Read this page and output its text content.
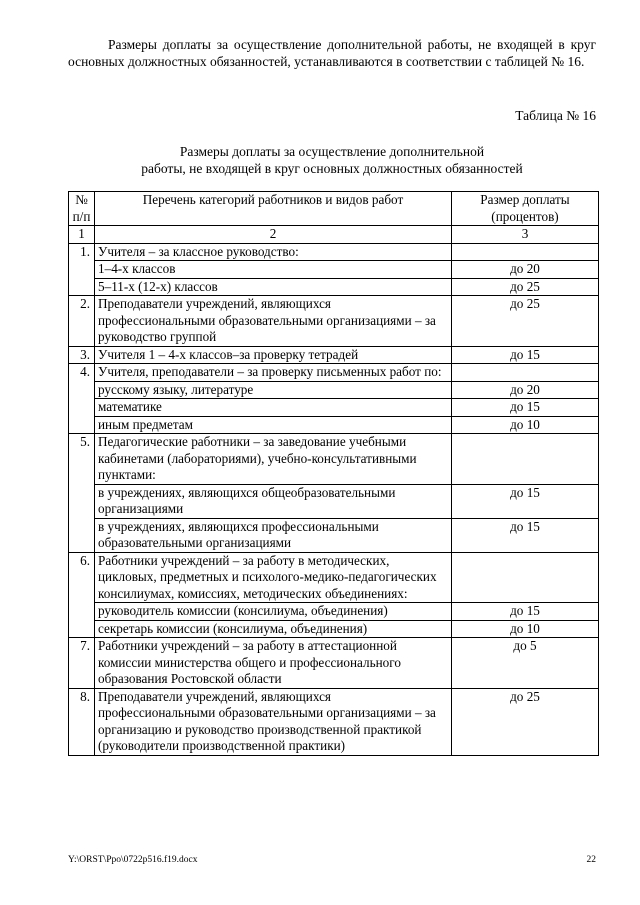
Размеры доплаты за осуществление дополнительной работы, не входящей в круг основных должностных обязанностей, устанавливаются в соответствии с таблицей № 16.

Таблица № 16
Размеры доплаты за осуществление дополнительной
работы, не входящей в круг основных должностных обязанностей
№ п/п	Перечень категорий работников и видов работ	Размер доплаты (процентов)
1	2	3
1.	Учителя – за классное руководство:	
	1–4-х классов	до 20
	5–11-х (12-х) классов	до 25
2.	Преподаватели учреждений, являющихся профессиональными образовательными организациями – за руководство группой	до 25
3.	Учителя 1 – 4-х классов–за проверку тетрадей	до 15
4.	Учителя, преподаватели – за проверку письменных работ по:	
	русскому языку, литературе	до 20
	математике	до 15
	иным предметам	до 10
5.	Педагогические работники – за заведование учебными кабинетами (лабораториями), учебно-консультативными пунктами:	
	в учреждениях, являющихся общеобразовательными организациями	до 15
	в учреждениях, являющихся профессиональными образовательными организациями	до 15
6.	Работники учреждений – за работу в методических, цикловых, предметных и психолого-медико-педагогических консилиумах, комиссиях, методических объединениях:	
	руководитель комиссии (консилиума, объединения)	до 15
	секретарь комиссии (консилиума, объединения)	до 10
7.	Работники учреждений – за работу в аттестационной комиссии министерства общего и профессионального образования Ростовской области	до 5
8.	Преподаватели учреждений, являющихся профессиональными образовательными организациями – за организацию и руководство производственной практикой (руководители производственной практики)	до 25
Y:\ORST\Ppo\0722p516.f19.docx	22
